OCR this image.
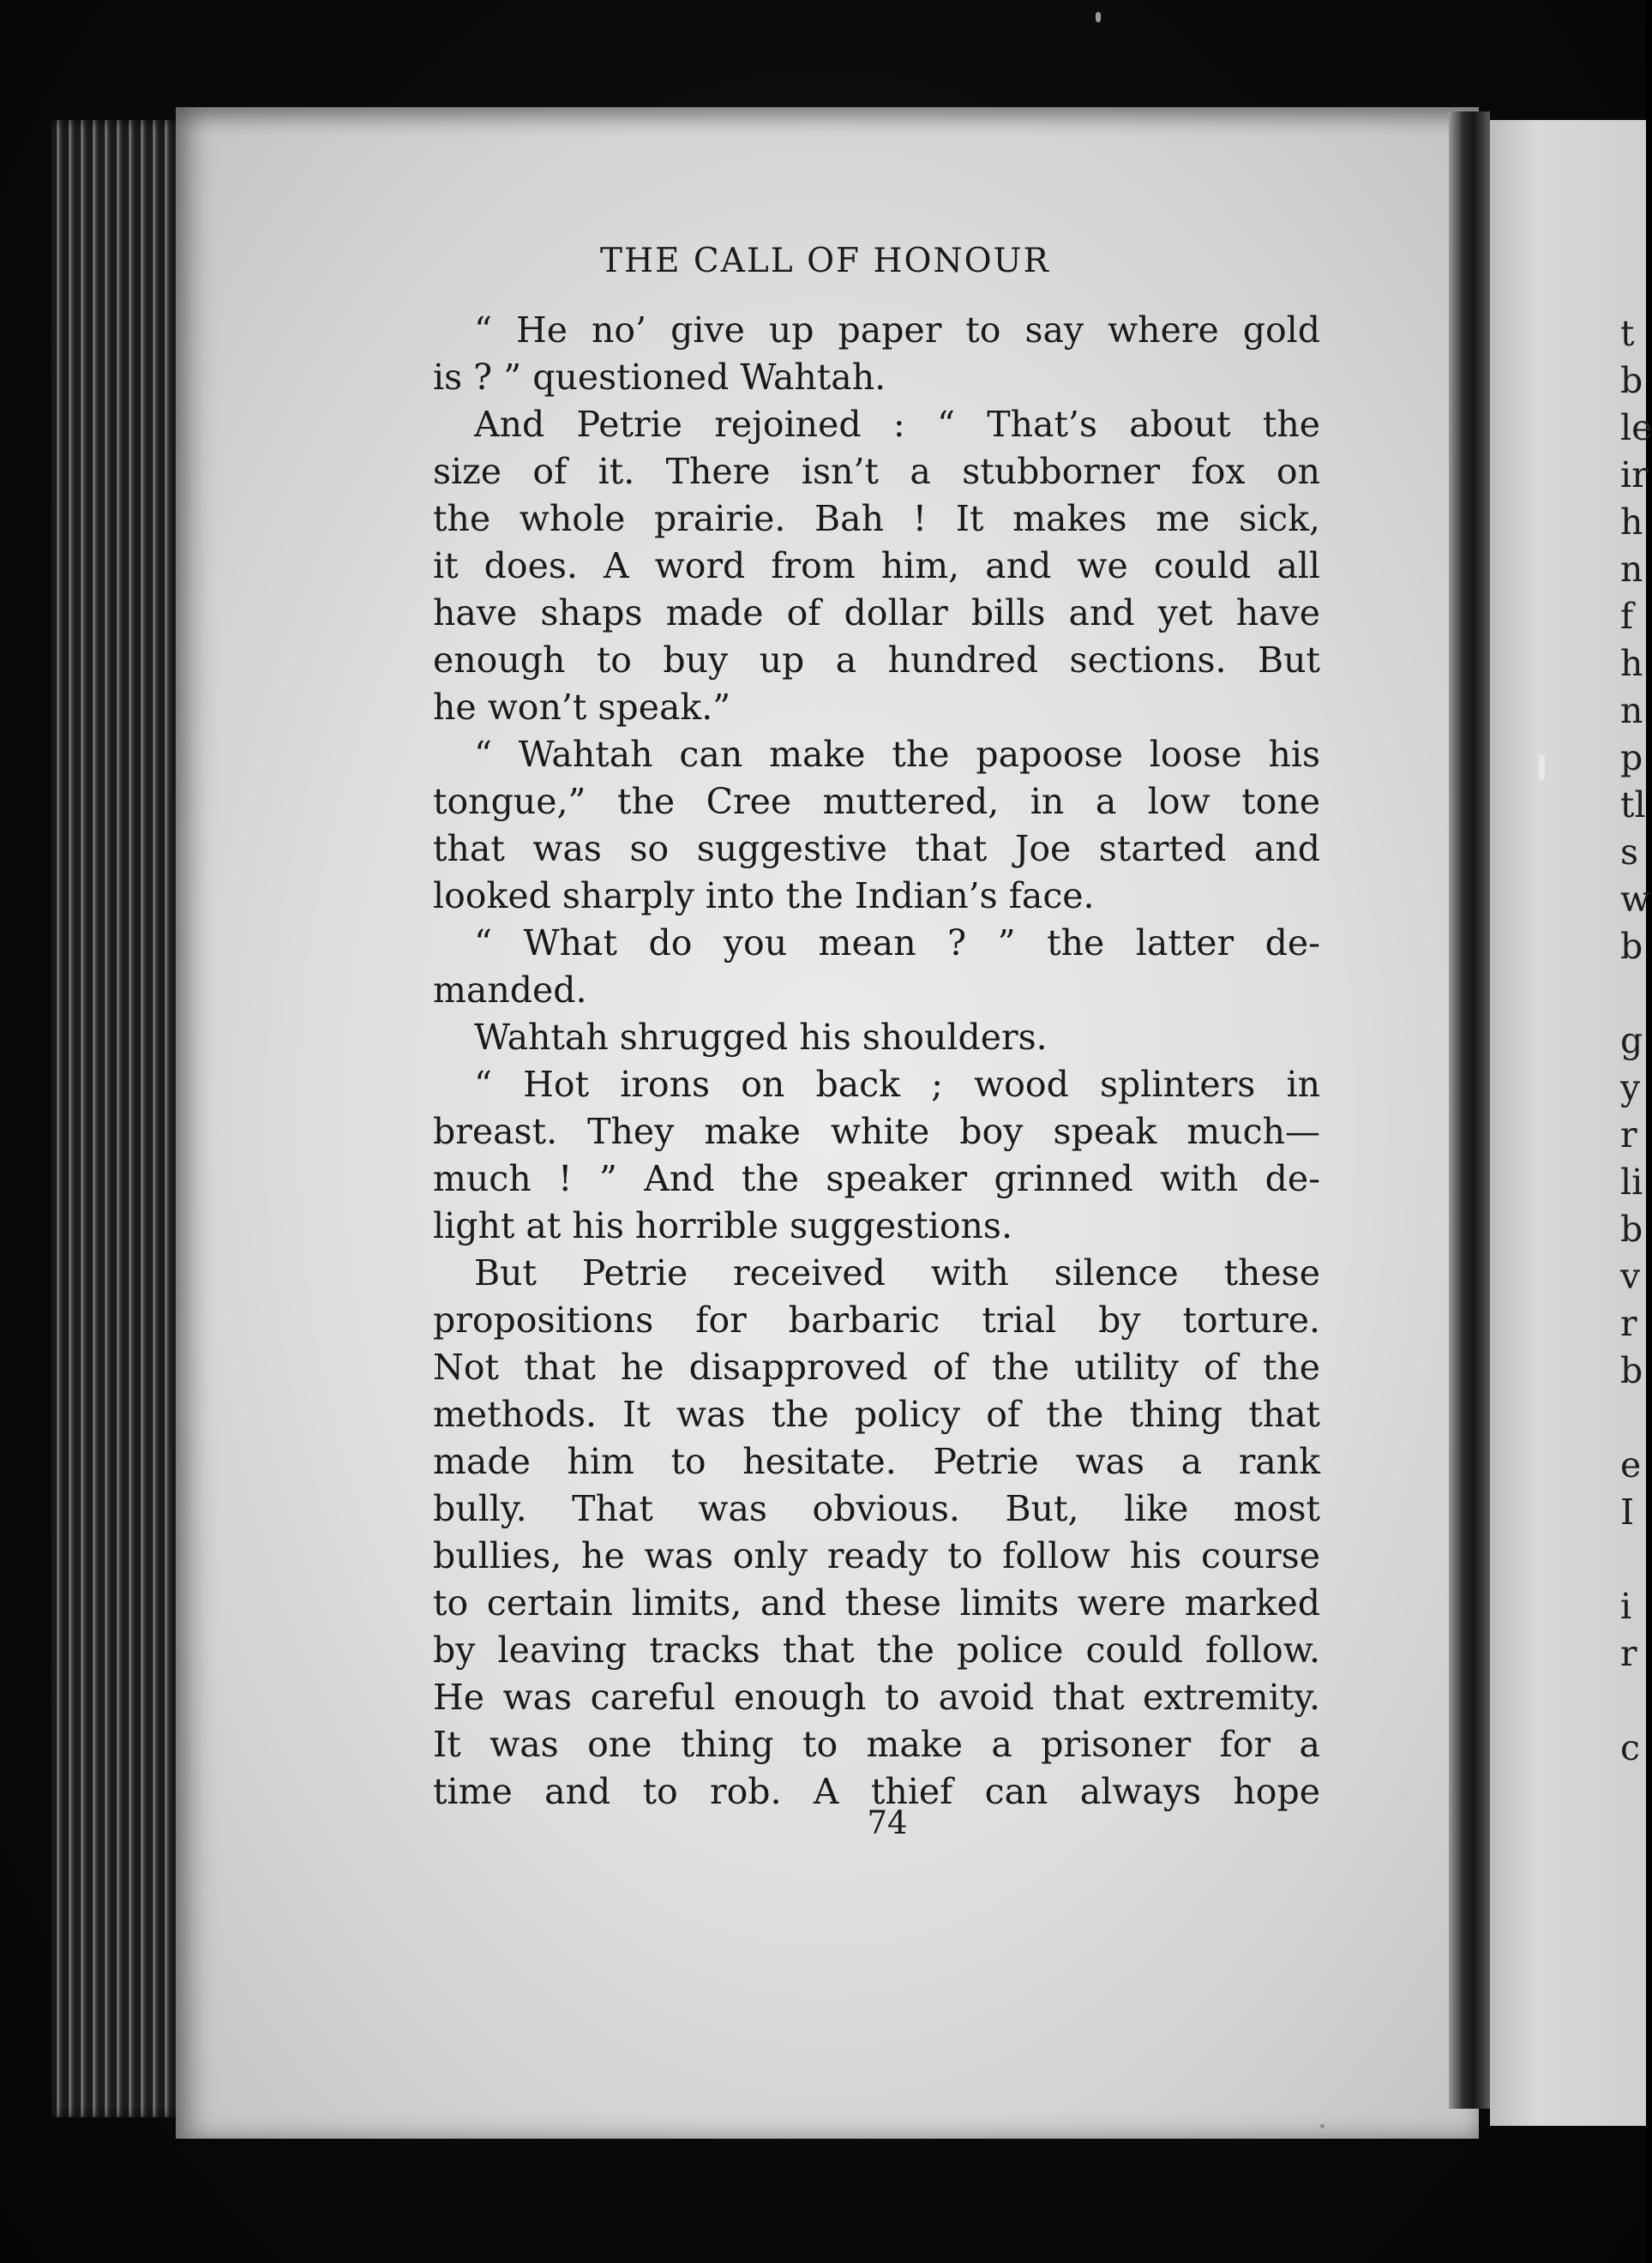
THE CALL OF HONOUR
“ He no’ give up paper to say where gold
is ? ” questioned Wahtah.
And Petrie rejoined : “ That’s about the
size of it. There isn’t a stubborner fox on
the whole prairie. Bah ! It makes me sick,
it does. A word from him, and we could all
have shaps made of dollar bills and yet have
enough to buy up a hundred sections. But
he won’t speak.”
“ Wahtah can make the papoose loose his
tongue,” the Cree muttered, in a low tone
that was so suggestive that Joe started and
looked sharply into the Indian’s face.
“ What do you mean ? ” the latter de-
manded.
Wahtah shrugged his shoulders.
“ Hot irons on back ; wood splinters in
breast. They make white boy speak much—
much ! ” And the speaker grinned with de-
light at his horrible suggestions.
But Petrie received with silence these
propositions for barbaric trial by torture.
Not that he disapproved of the utility of the
methods. It was the policy of the thing that
made him to hesitate. Petrie was a rank
bully. That was obvious. But, like most
bullies, he was only ready to follow his course
to certain limits, and these limits were marked
by leaving tracks that the police could follow.
He was careful enough to avoid that extremity.
It was one thing to make a prisoner for a
time and to rob. A thief can always hope
74
t
b
le
ir
h
n
f
h
n
p
tl
s
w
b
g
y
r
li
b
v
r
b
e
I
i
r
c
